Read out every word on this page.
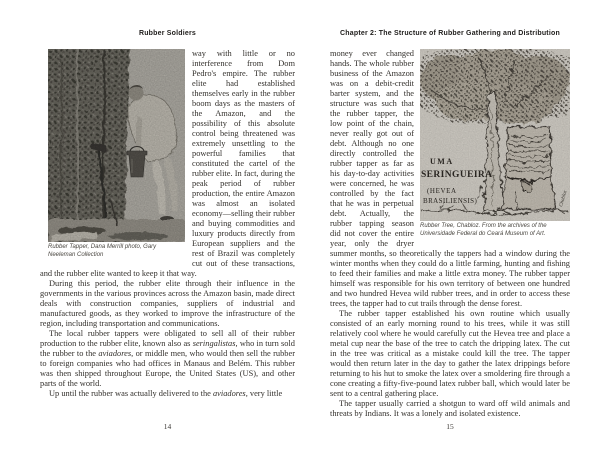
Rubber Soldiers
Rubber Tapper, Dana Merrill photo, Gary Neeleman Collection

way with little or no interference from Dom Pedro's empire. The rubber elite had established themselves early in the rubber boom days as the masters of the Amazon, and the possibility of this absolute control being threatened was extremely unsettling to the powerful families that constituted the cartel of the rubber elite. In fact, during the peak period of rubber production, the entire Amazon was almost an isolated economy—selling their rubber and buying commodities and luxury products directly from European suppliers and the rest of Brazil was completely cut out of these transactions, and the rubber elite wanted to keep it that way.

During this period, the rubber elite through their influence in the governments in the various provinces across the Amazon basin, made direct deals with construction companies, suppliers of industrial and manufactured goods, as they worked to improve the infrastructure of the region, including transportation and communications.

The local rubber tappers were obligated to sell all of their rubber production to the rubber elite, known also as seringalistas, who in turn sold the rubber to the aviadores, or middle men, who would then sell the rubber to foreign companies who had offices in Manaus and Belém. This rubber was then shipped throughout Europe, the United States (US), and other parts of the world.

Up until the rubber was actually delivered to the aviadores, very little

14
Chapter 2: The Structure of Rubber Gathering and Distribution
UMA
SERINGUEIRA
(HEVEA
BRASILIENSIS)	Chabloz
Rubber Tree, Chabloz. From the archives of the Universidade Federal do Ceará Museum of Art.

money ever changed hands. The whole rubber business of the Amazon was on a debit-credit barter system, and the structure was such that the rubber tapper, the low point of the chain, never really got out of debt. Although no one directly controlled the rubber tapper as far as his day-to-day activities were concerned, he was controlled by the fact that he was in perpetual debt. Actually, the rubber tapping season did not cover the entire year, only the dryer summer months, so theoretically the tappers had a window during the winter months when they could do a little farming, hunting and fishing to feed their families and make a little extra money. The rubber tapper himself was responsible for his own territory of between one hundred and two hundred Hevea wild rubber trees, and in order to access these trees, the tapper had to cut trails through the dense forest.

The rubber tapper established his own routine which usually consisted of an early morning round to his trees, while it was still relatively cool where he would carefully cut the Hevea tree and place a metal cup near the base of the tree to catch the dripping latex. The cut in the tree was critical as a mistake could kill the tree. The tapper would then return later in the day to gather the latex drippings before returning to his hut to smoke the latex over a smoldering fire through a cone creating a fifty-five-pound latex rubber ball, which would later be sent to a central gathering place.

The tapper usually carried a shotgun to ward off wild animals and threats by Indians. It was a lonely and isolated existence.

15
